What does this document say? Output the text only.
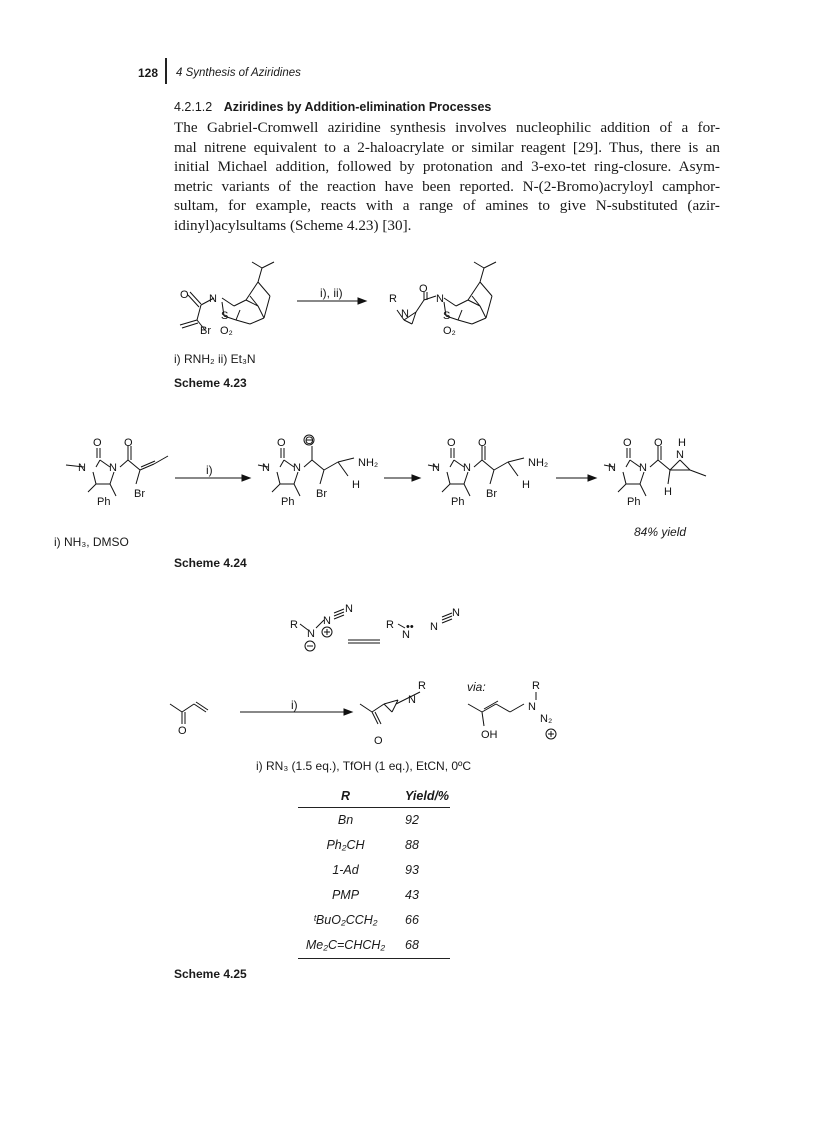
128 4 Synthesis of Aziridines
4.2.1.2 Aziridines by Addition-elimination Processes
The Gabriel-Cromwell aziridine synthesis involves nucleophilic addition of a for-
mal nitrene equivalent to a 2-haloacrylate or similar reagent [29]. Thus, there is an
initial Michael addition, followed by protonation and 3-exo-tet ring-closure. Asym-
metric variants of the reaction have been reported. N-(2-Bromo)acryloyl camphor-
sultam, for example, reacts with a range of amines to give N-substituted (azir-
idinyl)acylsultams (Scheme 4.23) [30].
O N
Br O₂
S
R
O
N
N
S
O₂
i), ii)
i) RNH₂ ii) Et₃N
Scheme 4.23
O O
N N
Ph
Br
O O
N N
Ph
Br
NH₂
H
O O
N N
Ph
Br
NH₂
H
O O
N N
Ph
H
N
H
i)
i) NH₃, DMSO
84% yield
Scheme 4.24
R
N
N
N
R
N
•• N
N
O
O
R
N
OH
R
N
N₂
i)
via:
i) RN₃ (1.5 eq.), TfOH (1 eq.), EtCN, 0ºC
R	Yield/%
Bn	92
Ph₂CH	88
1-Ad	93
PMP	43
ᵗBuO₂CCH₂	66
Me₂C=CHCH₂	68
Scheme 4.25
